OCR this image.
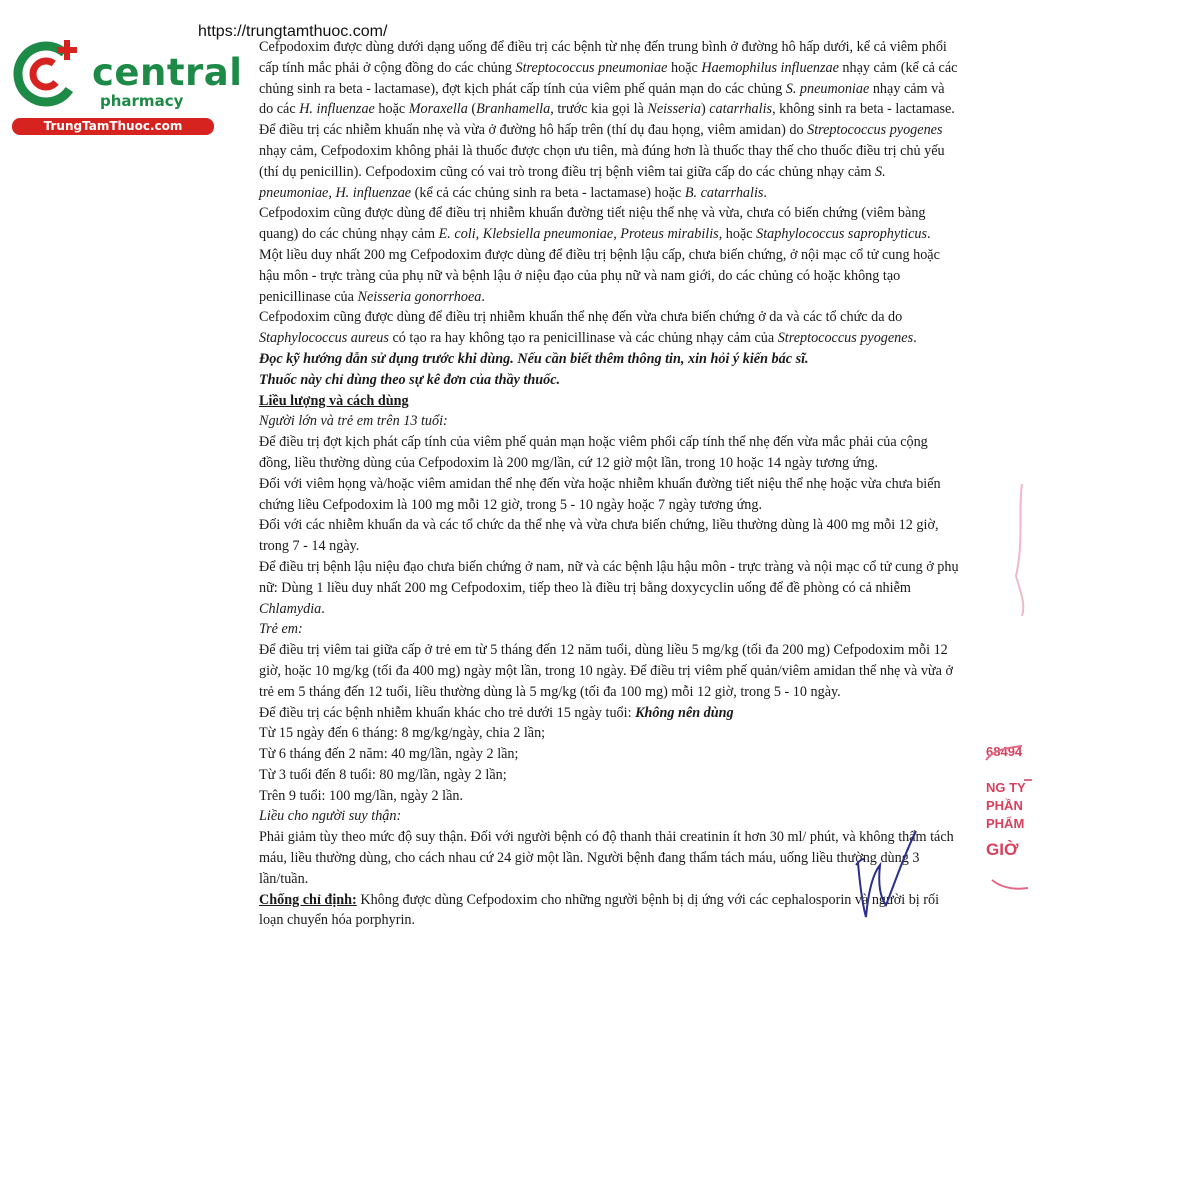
central
pharmacy
TrungTamThuoc.com
https://trungtamthuoc.com/

Cefpodoxim được dùng dưới dạng uống để điều trị các bệnh từ nhẹ đến trung bình ở đường hô hấp dưới, kể cả viêm phổi cấp tính mắc phải ở cộng đồng do các chủng Streptococcus pneumoniae hoặc Haemophilus influenzae nhạy cảm (kể cả các chủng sinh ra beta - lactamase), đợt kịch phát cấp tính của viêm phế quản mạn do các chủng S. pneumoniae nhạy cảm và do các H. influenzae hoặc Moraxella (Branhamella, trước kia gọi là Neisseria) catarrhalis, không sinh ra beta - lactamase.

Để điều trị các nhiễm khuẩn nhẹ và vừa ở đường hô hấp trên (thí dụ đau họng, viêm amidan) do Streptococcus pyogenes nhạy cảm, Cefpodoxim không phải là thuốc được chọn ưu tiên, mà đúng hơn là thuốc thay thế cho thuốc điều trị chủ yếu (thí dụ penicillin). Cefpodoxim cũng có vai trò trong điều trị bệnh viêm tai giữa cấp do các chủng nhạy cảm S. pneumoniae, H. influenzae (kể cả các chủng sinh ra beta - lactamase) hoặc B. catarrhalis.

Cefpodoxim cũng được dùng để điều trị nhiễm khuẩn đường tiết niệu thể nhẹ và vừa, chưa có biến chứng (viêm bàng quang) do các chủng nhạy cảm E. coli, Klebsiella pneumoniae, Proteus mirabilis, hoặc Staphylococcus saprophyticus.

Một liều duy nhất 200 mg Cefpodoxim được dùng để điều trị bệnh lậu cấp, chưa biến chứng, ở nội mạc cổ tử cung hoặc hậu môn - trực tràng của phụ nữ và bệnh lậu ở niệu đạo của phụ nữ và nam giới, do các chủng có hoặc không tạo penicillinase của Neisseria gonorrhoea.

Cefpodoxim cũng được dùng để điều trị nhiễm khuẩn thể nhẹ đến vừa chưa biến chứng ở da và các tổ chức da do Staphylococcus aureus có tạo ra hay không tạo ra penicillinase và các chủng nhạy cảm của Streptococcus pyogenes.

Đọc kỹ hướng dẫn sử dụng trước khi dùng. Nếu cần biết thêm thông tin, xin hỏi ý kiến bác sĩ.

Thuốc này chỉ dùng theo sự kê đơn của thầy thuốc.

Liều lượng và cách dùng

Người lớn và trẻ em trên 13 tuổi:

Để điều trị đợt kịch phát cấp tính của viêm phế quản mạn hoặc viêm phổi cấp tính thể nhẹ đến vừa mắc phải của cộng đồng, liều thường dùng của Cefpodoxim là 200 mg/lần, cứ 12 giờ một lần, trong 10 hoặc 14 ngày tương ứng.

Đối với viêm họng và/hoặc viêm amidan thể nhẹ đến vừa hoặc nhiễm khuẩn đường tiết niệu thể nhẹ hoặc vừa chưa biến chứng liều Cefpodoxim là 100 mg mỗi 12 giờ, trong 5 - 10 ngày hoặc 7 ngày tương ứng.

Đối với các nhiễm khuẩn da và các tổ chức da thể nhẹ và vừa chưa biến chứng, liều thường dùng là 400 mg mỗi 12 giờ, trong 7 - 14 ngày.

Để điều trị bệnh lậu niệu đạo chưa biến chứng ở nam, nữ và các bệnh lậu hậu môn - trực tràng và nội mạc cổ tử cung ở phụ nữ: Dùng 1 liều duy nhất 200 mg Cefpodoxim, tiếp theo là điều trị bằng doxycyclin uống để đề phòng có cả nhiễm Chlamydia.

Trẻ em:

Để điều trị viêm tai giữa cấp ở trẻ em từ 5 tháng đến 12 năm tuổi, dùng liều 5 mg/kg (tối đa 200 mg) Cefpodoxim mỗi 12 giờ, hoặc 10 mg/kg (tối đa 400 mg) ngày một lần, trong 10 ngày. Để điều trị viêm phế quản/viêm amidan thể nhẹ và vừa ở trẻ em 5 tháng đến 12 tuổi, liều thường dùng là 5 mg/kg (tối đa 100 mg) mỗi 12 giờ, trong 5 - 10 ngày.

Để điều trị các bệnh nhiễm khuẩn khác cho trẻ dưới 15 ngày tuổi: Không nên dùng

Từ 15 ngày đến 6 tháng: 8 mg/kg/ngày, chia 2 lần;

Từ 6 tháng đến 2 năm: 40 mg/lần, ngày 2 lần;

Từ 3 tuổi đến 8 tuổi: 80 mg/lần, ngày 2 lần;

Trên 9 tuổi: 100 mg/lần, ngày 2 lần.

Liều cho người suy thận:

Phải giảm tùy theo mức độ suy thận. Đối với người bệnh có độ thanh thải creatinin ít hơn 30 ml/ phút, và không thẩm tách máu, liều thường dùng, cho cách nhau cứ 24 giờ một lần. Người bệnh đang thẩm tách máu, uống liều thường dùng 3 lần/tuần.

Chống chỉ định: Không được dùng Cefpodoxim cho những người bệnh bị dị ứng với các cephalosporin và người bị rối loạn chuyển hóa porphyrin.

68494
NG TY
PHẦN
PHẨM
GIỜ
